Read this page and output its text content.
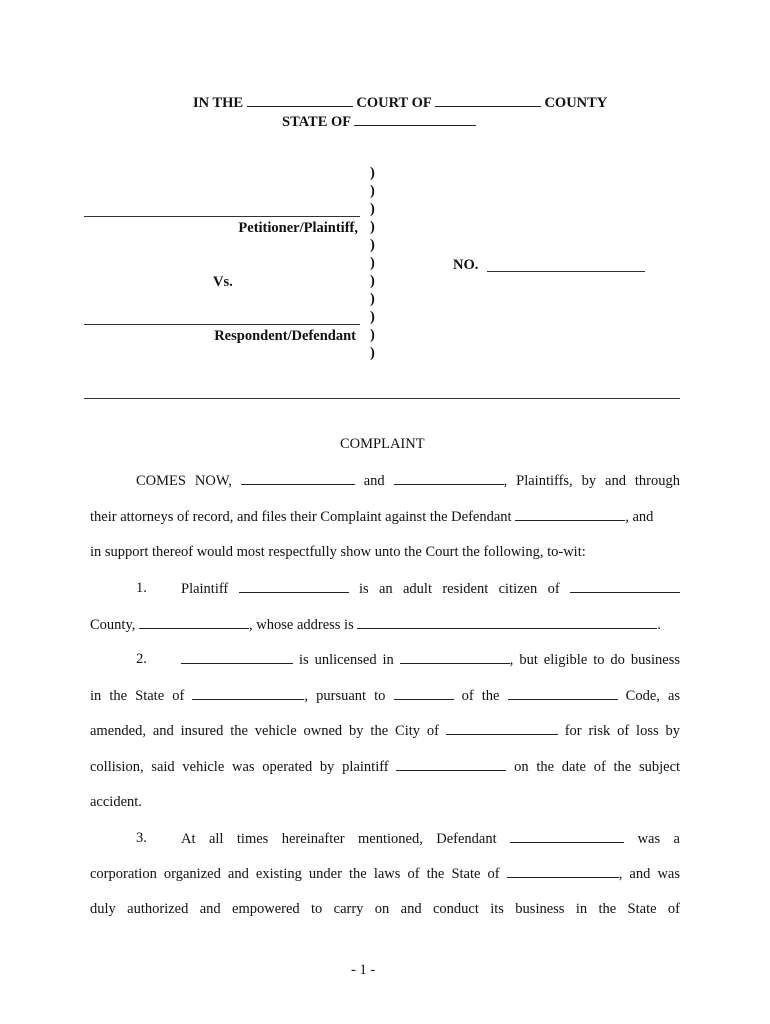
IN THE	COURT OF	COUNTY
STATE OF
)
)
)
)
)
)
)
)
)
)
)
Petitioner/Plaintiff,
Vs.
Respondent/Defendant
NO.
COMPLAINT
COMES NOW,	and	, Plaintiffs, by and through
their attorneys of record, and files their Complaint against the Defendant	, and
in support thereof would most respectfully show unto the Court the following, to-wit:
1. Plaintiff	is an adult resident citizen of
County,	, whose address is	.
2.	is unlicensed in	, but eligible to do business
in the State of	, pursuant to	of the	Code, as
amended, and insured the vehicle owned by the City of	for risk of loss by
collision, said vehicle was operated by plaintiff	on the date of the subject
accident.
3. At all times hereinafter mentioned, Defendant	was a
corporation organized and existing under the laws of the State of	, and was
duly authorized and empowered to carry on and conduct its business in the State of
- 1 -
